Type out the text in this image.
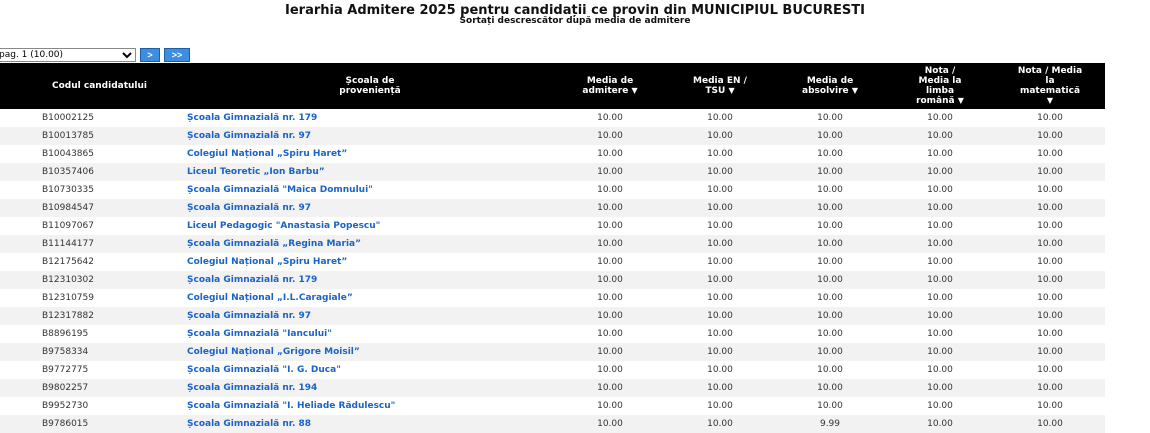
Ierarhia Admitere 2025 pentru candidații ce provin din MUNICIPIUL BUCURESTI
Sortați descrescător după media de admitere
pag. 1 (10.00)
>	>>
	Codul candidatului	Școala de proveniență	Media de admitere ▼	Media EN / TSU ▼	Media de absolvire ▼	Nota / Media la limba română ▼	Nota / Media la matematică ▼

	B10002125	Școala Gimnazială nr. 179	10.00	10.00	10.00	10.00	10.00
	B10013785	Școala Gimnazială nr. 97	10.00	10.00	10.00	10.00	10.00
	B10043865	Colegiul Național „Spiru Haret”	10.00	10.00	10.00	10.00	10.00
	B10357406	Liceul Teoretic „Ion Barbu”	10.00	10.00	10.00	10.00	10.00
	B10730335	Școala Gimnazială "Maica Domnului"	10.00	10.00	10.00	10.00	10.00
	B10984547	Școala Gimnazială nr. 97	10.00	10.00	10.00	10.00	10.00
	B11097067	Liceul Pedagogic "Anastasia Popescu"	10.00	10.00	10.00	10.00	10.00
	B11144177	Școala Gimnazială „Regina Maria”	10.00	10.00	10.00	10.00	10.00
	B12175642	Colegiul Național „Spiru Haret”	10.00	10.00	10.00	10.00	10.00
	B12310302	Școala Gimnazială nr. 179	10.00	10.00	10.00	10.00	10.00
	B12310759	Colegiul Național „I.L.Caragiale”	10.00	10.00	10.00	10.00	10.00
	B12317882	Școala Gimnazială nr. 97	10.00	10.00	10.00	10.00	10.00
	B8896195	Școala Gimnazială "Iancului"	10.00	10.00	10.00	10.00	10.00
	B9758334	Colegiul Național „Grigore Moisil”	10.00	10.00	10.00	10.00	10.00
	B9772775	Școala Gimnazială "I. G. Duca"	10.00	10.00	10.00	10.00	10.00
	B9802257	Școala Gimnazială nr. 194	10.00	10.00	10.00	10.00	10.00
	B9952730	Școala Gimnazială "I. Heliade Rădulescu"	10.00	10.00	10.00	10.00	10.00
	B9786015	Școala Gimnazială nr. 88	10.00	10.00	9.99	10.00	10.00
